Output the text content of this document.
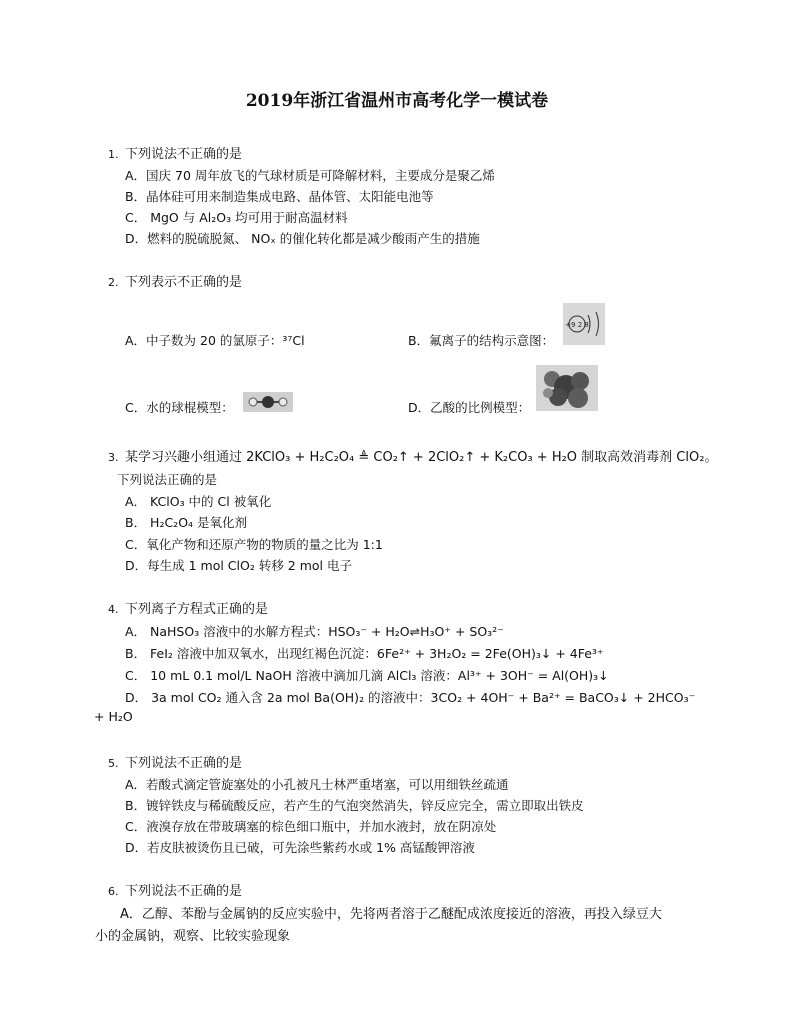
2019年浙江省温州市高考化学一模试卷
1. 下列说法不正确的是
A．国庆 70 周年放飞的气球材质是可降解材料，主要成分是聚乙烯
B．晶体硅可用来制造集成电路、晶体管、太阳能电池等
C． MgO 与 Al₂O₃ 均可用于耐高温材料
D．燃料的脱硫脱氮、 NOₓ 的催化转化都是减少酸雨产生的措施
2. 下列表示不正确的是
A．中子数为 20 的氯原子：³⁷Cl	B．氟离子的结构示意图：
+9 2 8
C．水的球棍模型：	D．乙酸的比例模型：
3. 某学习兴趣小组通过 2KClO₃ + H₂C₂O₄ ≜ CO₂↑ + 2ClO₂↑ + K₂CO₃ + H₂O 制取高效消毒剂 ClO₂。
下列说法正确的是
A． KClO₃ 中的 Cl 被氧化
B． H₂C₂O₄ 是氧化剂
C．氧化产物和还原产物的物质的量之比为 1:1
D．每生成 1 mol ClO₂ 转移 2 mol 电子
4. 下列离子方程式正确的是
A． NaHSO₃ 溶液中的水解方程式：HSO₃⁻ + H₂O⇌H₃O⁺ + SO₃²⁻
B． FeI₂ 溶液中加双氧水，出现红褐色沉淀：6Fe²⁺ + 3H₂O₂ = 2Fe(OH)₃↓ + 4Fe³⁺
C． 10 mL 0.1 mol/L NaOH 溶液中滴加几滴 AlCl₃ 溶液：Al³⁺ + 3OH⁻ = Al(OH)₃↓
D． 3a mol CO₂ 通入含 2a mol Ba(OH)₂ 的溶液中：3CO₂ + 4OH⁻ + Ba²⁺ = BaCO₃↓ + 2HCO₃⁻
+ H₂O
5. 下列说法不正确的是
A．若酸式滴定管旋塞处的小孔被凡士林严重堵塞，可以用细铁丝疏通
B．镀锌铁皮与稀硫酸反应，若产生的气泡突然消失，锌反应完全，需立即取出铁皮
C．液溴存放在带玻璃塞的棕色细口瓶中，并加水液封，放在阴凉处
D．若皮肤被烫伤且已破，可先涂些紫药水或 1% 高锰酸钾溶液
6. 下列说法不正确的是
A．乙醇、苯酚与金属钠的反应实验中，先将两者溶于乙醚配成浓度接近的溶液，再投入绿豆大
小的金属钠，观察、比较实验现象
